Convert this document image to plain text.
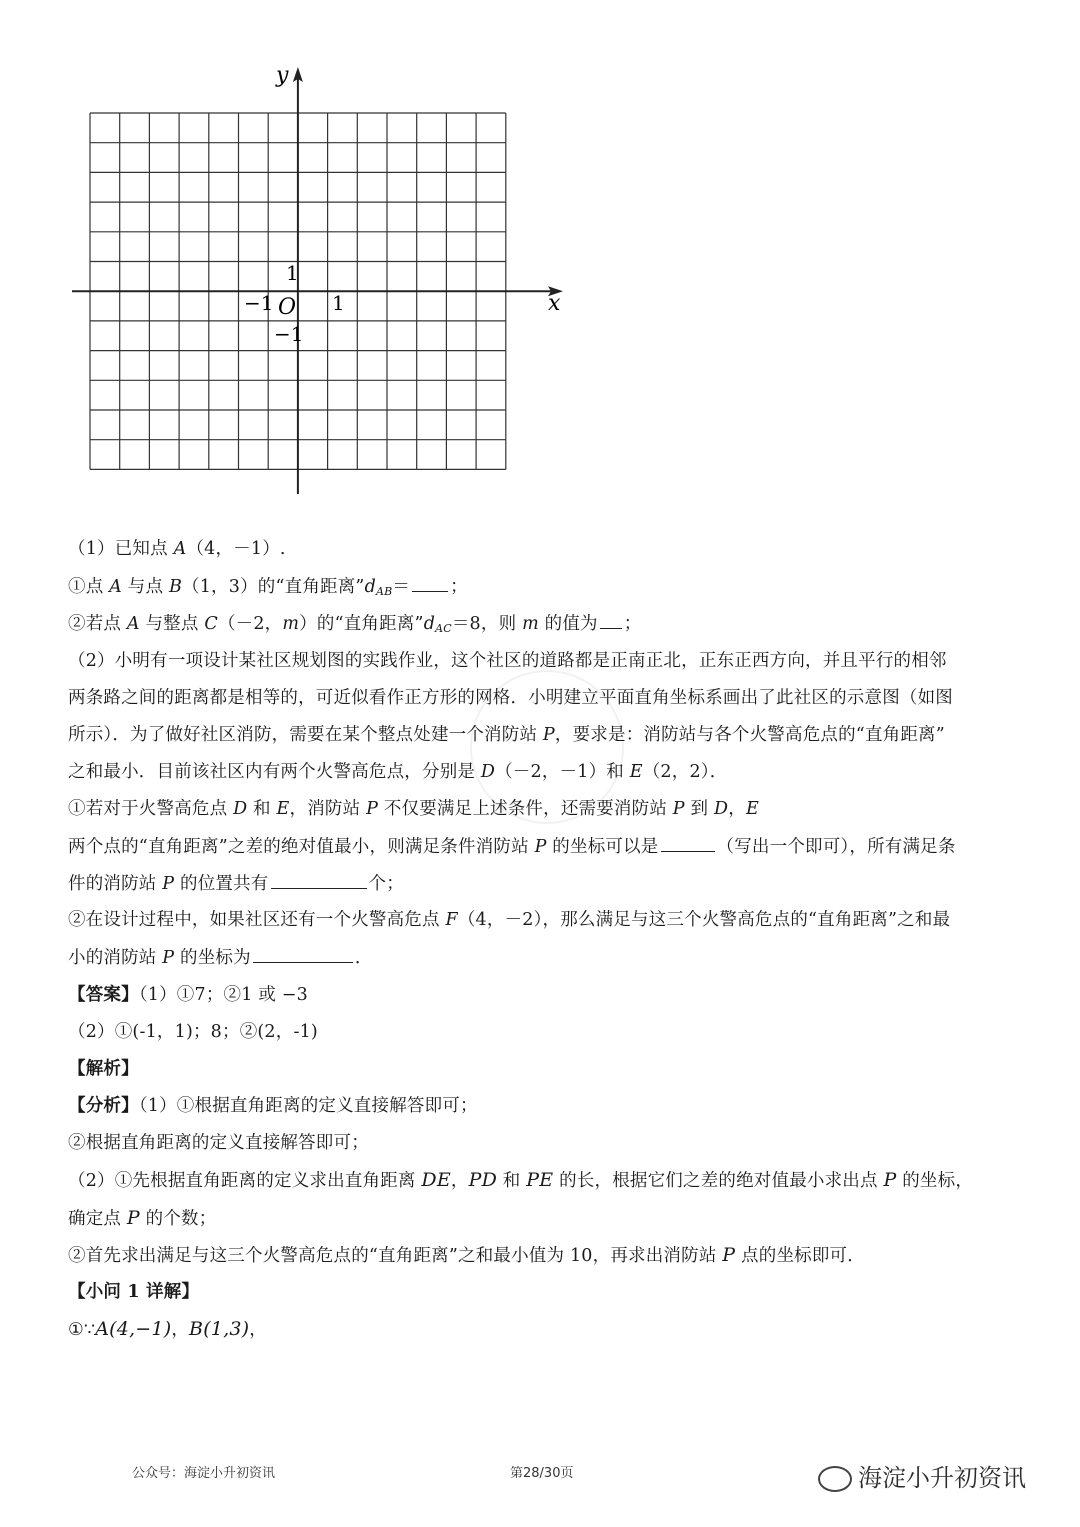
y
x
O 1
−1
1
−1
（1）已知点 A（4，－1）.
①点 A 与点 B（1，3）的“直角距离$”d_{AB}=$ ；
②若点 A 与整点 C（－2，m）的“直角距离$”d_{AC}=8$，则 m 的值为 ；
（2）小明有一项设计某社区规划图的实践作业，这个社区的道路都是正南正北，正东正西方向，并且平行的相邻
两条路之间的距离都是相等的，可近似看作正方形的网格．小明建立平面直角坐标系画出了此社区的示意图（如图
所示）．为了做好社区消防，需要在某个整点处建一个消防站 P，要求是：消防站与各个火警高危点的“直角距离”
之和最小．目前该社区内有两个火警高危点，分别是 D（－2，－1）和 E（2，2）．
①若对于火警高危点 D 和 E，消防站 P 不仅要满足上述条件，还需要消防站 P 到 D，E
两个点的“直角距离”之差的绝对值最小，则满足条件消防站 P 的坐标可以是	（写出一个即可），所有满足条
件的消防站 P 的位置共有	个；
②在设计过程中，如果社区还有一个火警高危点 F（4，－2），那么满足与这三个火警高危点的“直角距离”之和最
小的消防站 P 的坐标为	．
【答案】（1）①7；②1 或 −3
（2）①(-1，1)；8；②(2，-1)
【解析】
【分析】（1）①根据直角距离的定义直接解答即可；
②根据直角距离的定义直接解答即可；
（2）①先根据直角距离的定义求出直角距离 DE，PD 和 PE 的长，根据它们之差的绝对值最小求出点 P 的坐标，
确定点 P 的个数；
②首先求出满足与这三个火警高危点的“直角距离”之和最小值为 10，再求出消防站 P 点的坐标即可．
【小问 1 详解】
①∵A(4,−1)，B(1,3)，
公众号：海淀小升初资讯	第28/30页	海淀小升初资讯
